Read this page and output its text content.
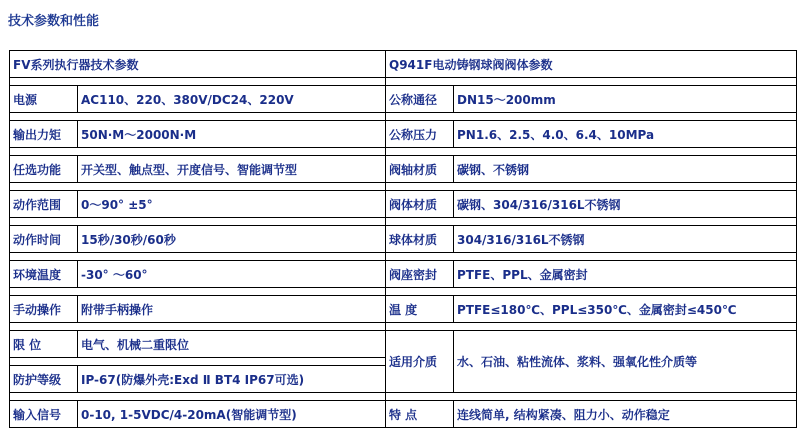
技术参数和性能
FV系列执行器技术参数		Q941F电动铸钢球阀阀体参数	

电源	AC110、220、380V/DC24、220V	公称通径	DN15～200mm

输出力矩	50N·M～2000N·M	公称压力	PN1.6、2.5、4.0、6.4、10MPa

任选功能	开关型、触点型、开度信号、智能调节型	阀轴材质	碳钢、不锈钢

动作范围	0～90° ±5°	阀体材质	碳钢、304/316/316L不锈钢

动作时间	15秒/30秒/60秒	球体材质	304/316/316L不锈钢

环境温度	-30° ～60°	阀座密封	PTFE、PPL、金属密封

手动操作	附带手柄操作	温 度	PTFE≤180℃、PPL≤350℃、金属密封≤450℃

限 位	电气、机械二重限位	适用介质	水、石油、粘性流体、浆料、强氧化性介质等

防护等级	IP-67(防爆外壳:Exd Ⅱ BT4 IP67可选)		

输入信号	0-10, 1-5VDC/4-20mA(智能调节型)	特 点	连线简单, 结构紧凑、阻力小、动作稳定
